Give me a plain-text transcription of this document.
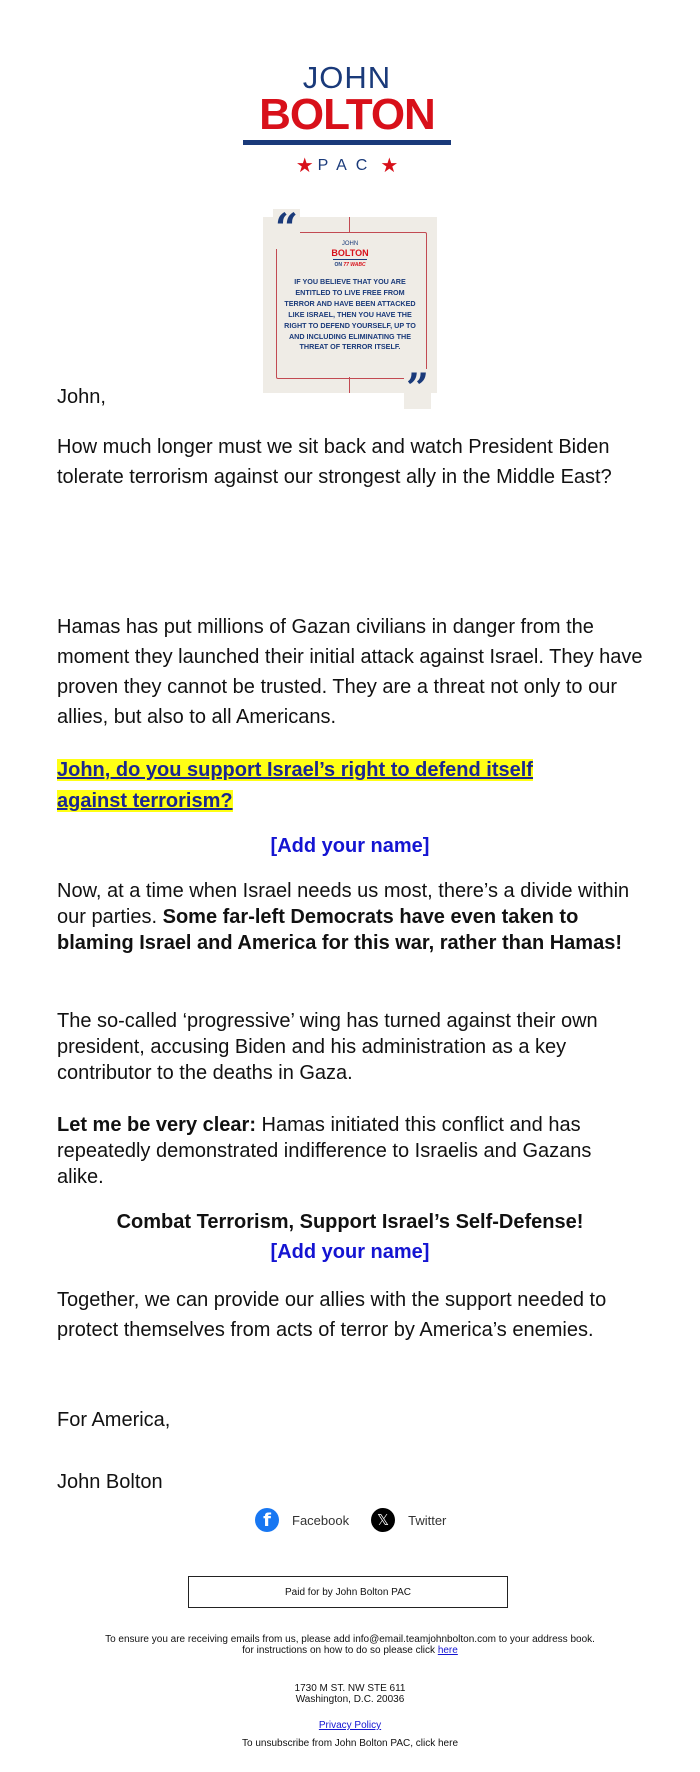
JOHN
BOLTON
★ PAC ★
“
”
JOHN
BOLTON
ON 77 WABC
IF YOU BELIEVE THAT YOU ARE ENTITLED TO LIVE FREE FROM TERROR AND HAVE BEEN ATTACKED LIKE ISRAEL, THEN YOU HAVE THE RIGHT TO DEFEND YOURSELF, UP TO AND INCLUDING ELIMINATING THE THREAT OF TERROR ITSELF.
John,
How much longer must we sit back and watch President Biden tolerate terrorism against our strongest ally in the Middle East?
Hamas has put millions of Gazan civilians in danger from the moment they launched their initial attack against Israel. They have proven they cannot be trusted. They are a threat not only to our allies, but also to all Americans.
John, do you support Israel’s right to defend itself
against terrorism?
[Add your name]
Now, at a time when Israel needs us most, there’s a divide within our parties. Some far-left Democrats have even taken to blaming Israel and America for this war, rather than Hamas!
The so-called ‘progressive’ wing has turned against their own president, accusing Biden and his administration as a key contributor to the deaths in Gaza.
Let me be very clear: Hamas initiated this conflict and has repeatedly demonstrated indifference to Israelis and Gazans alike.
Combat Terrorism, Support Israel’s Self-Defense!
[Add your name]
Together, we can provide our allies with the support needed to protect themselves from acts of terror by America’s enemies.
For America,
John Bolton
f	Facebook	𝕏	Twitter
Paid for by John Bolton PAC
To ensure you are receiving emails from us, please add info@email.teamjohnbolton.com to your address book.
for instructions on how to do so please click here
1730 M ST. NW STE 611
Washington, D.C. 20036
Privacy Policy
To unsubscribe from John Bolton PAC, click here
